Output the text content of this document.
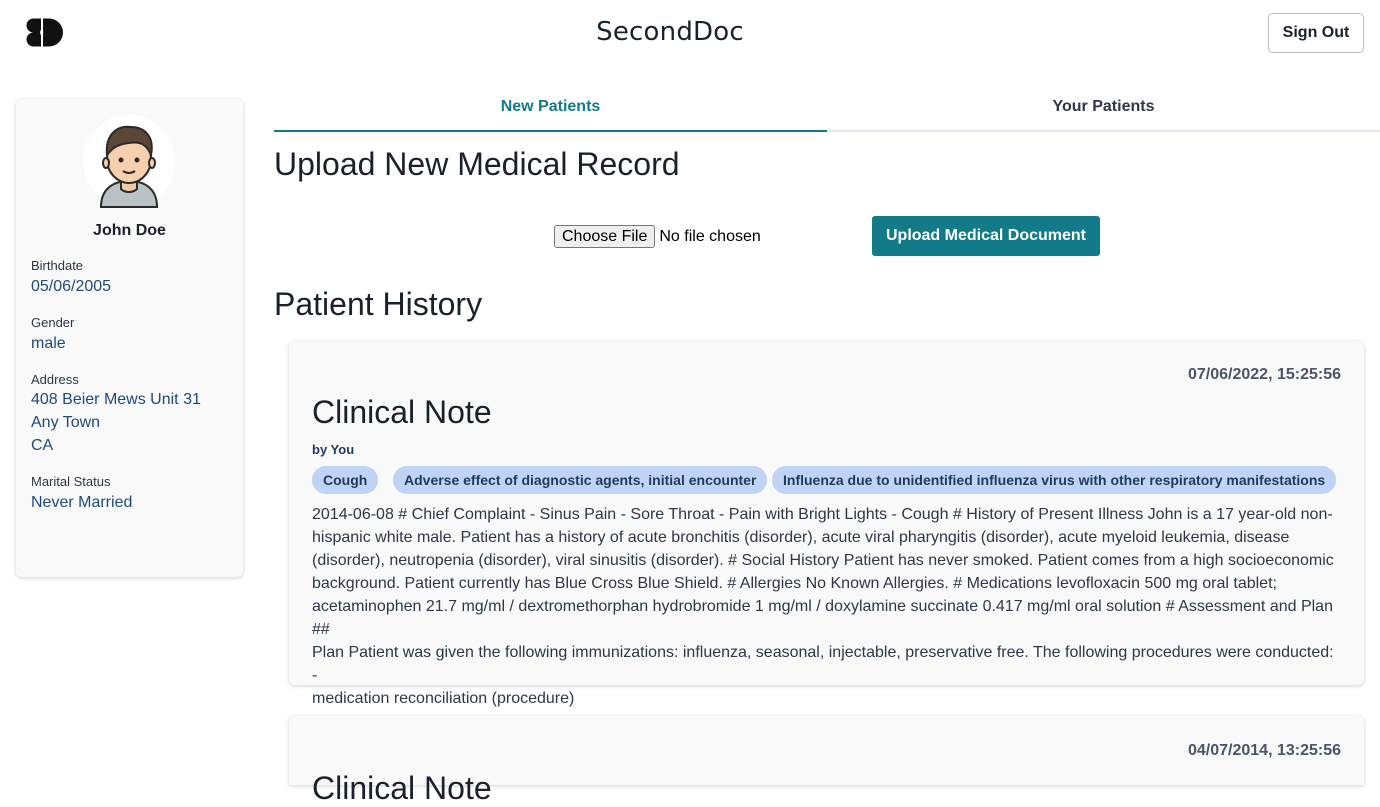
SecondDoc	Sign Out
John Doe
Birthdate
05/06/2005
Gender
male
Address
408 Beier Mews Unit 31
Any Town
CA
Marital Status
Never Married
New Patients	Your Patients
Upload New Medical Record
Choose File No file chosen	Upload Medical Document
Patient History
07/06/2022, 15:25:56
Clinical Note
by You
Cough	Adverse effect of diagnostic agents, initial encounter	Influenza due to unidentified influenza virus with other respiratory manifestations
2014-06-08 # Chief Complaint - Sinus Pain - Sore Throat - Pain with Bright Lights - Cough # History of Present Illness John is a 17 year-old non-
hispanic white male. Patient has a history of acute bronchitis (disorder), acute viral pharyngitis (disorder), acute myeloid leukemia, disease
(disorder), neutropenia (disorder), viral sinusitis (disorder). # Social History Patient has never smoked. Patient comes from a high socioeconomic
background. Patient currently has Blue Cross Blue Shield. # Allergies No Known Allergies. # Medications levofloxacin 500 mg oral tablet;
acetaminophen 21.7 mg/ml / dextromethorphan hydrobromide 1 mg/ml / doxylamine succinate 0.417 mg/ml oral solution # Assessment and Plan ##
Plan Patient was given the following immunizations: influenza, seasonal, injectable, preservative free. The following procedures were conducted: -
medication reconciliation (procedure)
04/07/2014, 13:25:56
Clinical Note
